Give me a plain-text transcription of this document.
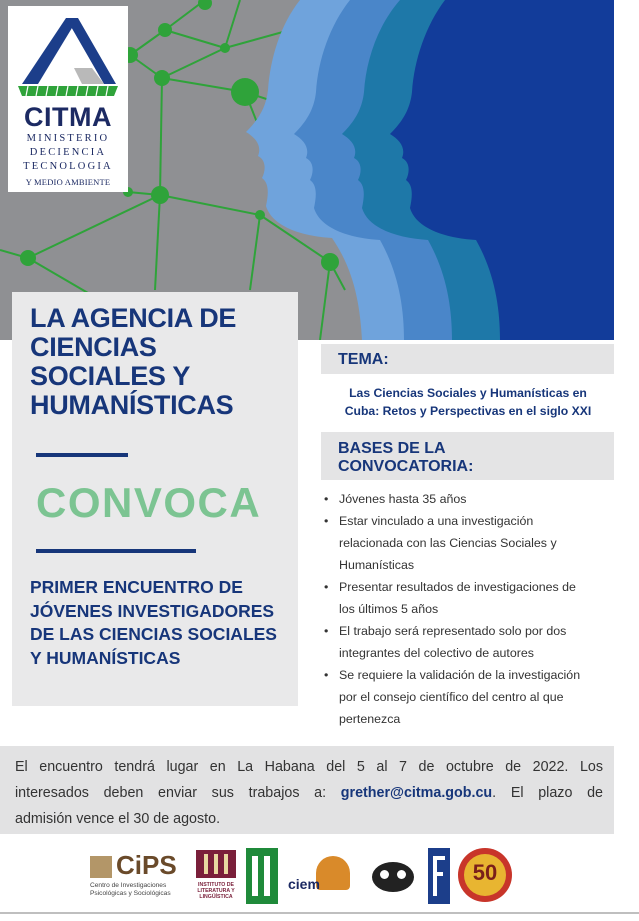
CITMA
MINISTERIO
DECIENCIA
TECNOLOGIA
Y MEDIO AMBIENTE
LA AGENCIA DE
CIENCIAS
SOCIALES Y
HUMANÍSTICAS
CONVOCA
PRIMER ENCUENTRO DE
JÓVENES INVESTIGADORES
DE LAS CIENCIAS SOCIALES
Y HUMANÍSTICAS
TEMA:
Las Ciencias Sociales y Humanísticas en
Cuba: Retos y Perspectivas en el siglo XXI
BASES DE LA
CONVOCATORIA:
• Jóvenes hasta 35 años
• Estar vinculado a una investigación
relacionada con las Ciencias Sociales y
Humanísticas
• Presentar resultados de investigaciones de
los últimos 5 años
• El trabajo será representado solo por dos
integrantes del colectivo de autores
• Se requiere la validación de la investigación
por el consejo científico del centro al que
pertenezca
El encuentro tendrá lugar en La Habana del 5 al 7 de octubre de 2022. Los
interesados deben enviar sus trabajos a: grether@citma.gob.cu. El plazo de
admisión vence el 30 de agosto.
CiPS
Centro de Investigaciones
Psicológicas y Sociológicas
INSTITUTO DE
LITERATURA Y
LINGÜÍSTICA
ciem	50
